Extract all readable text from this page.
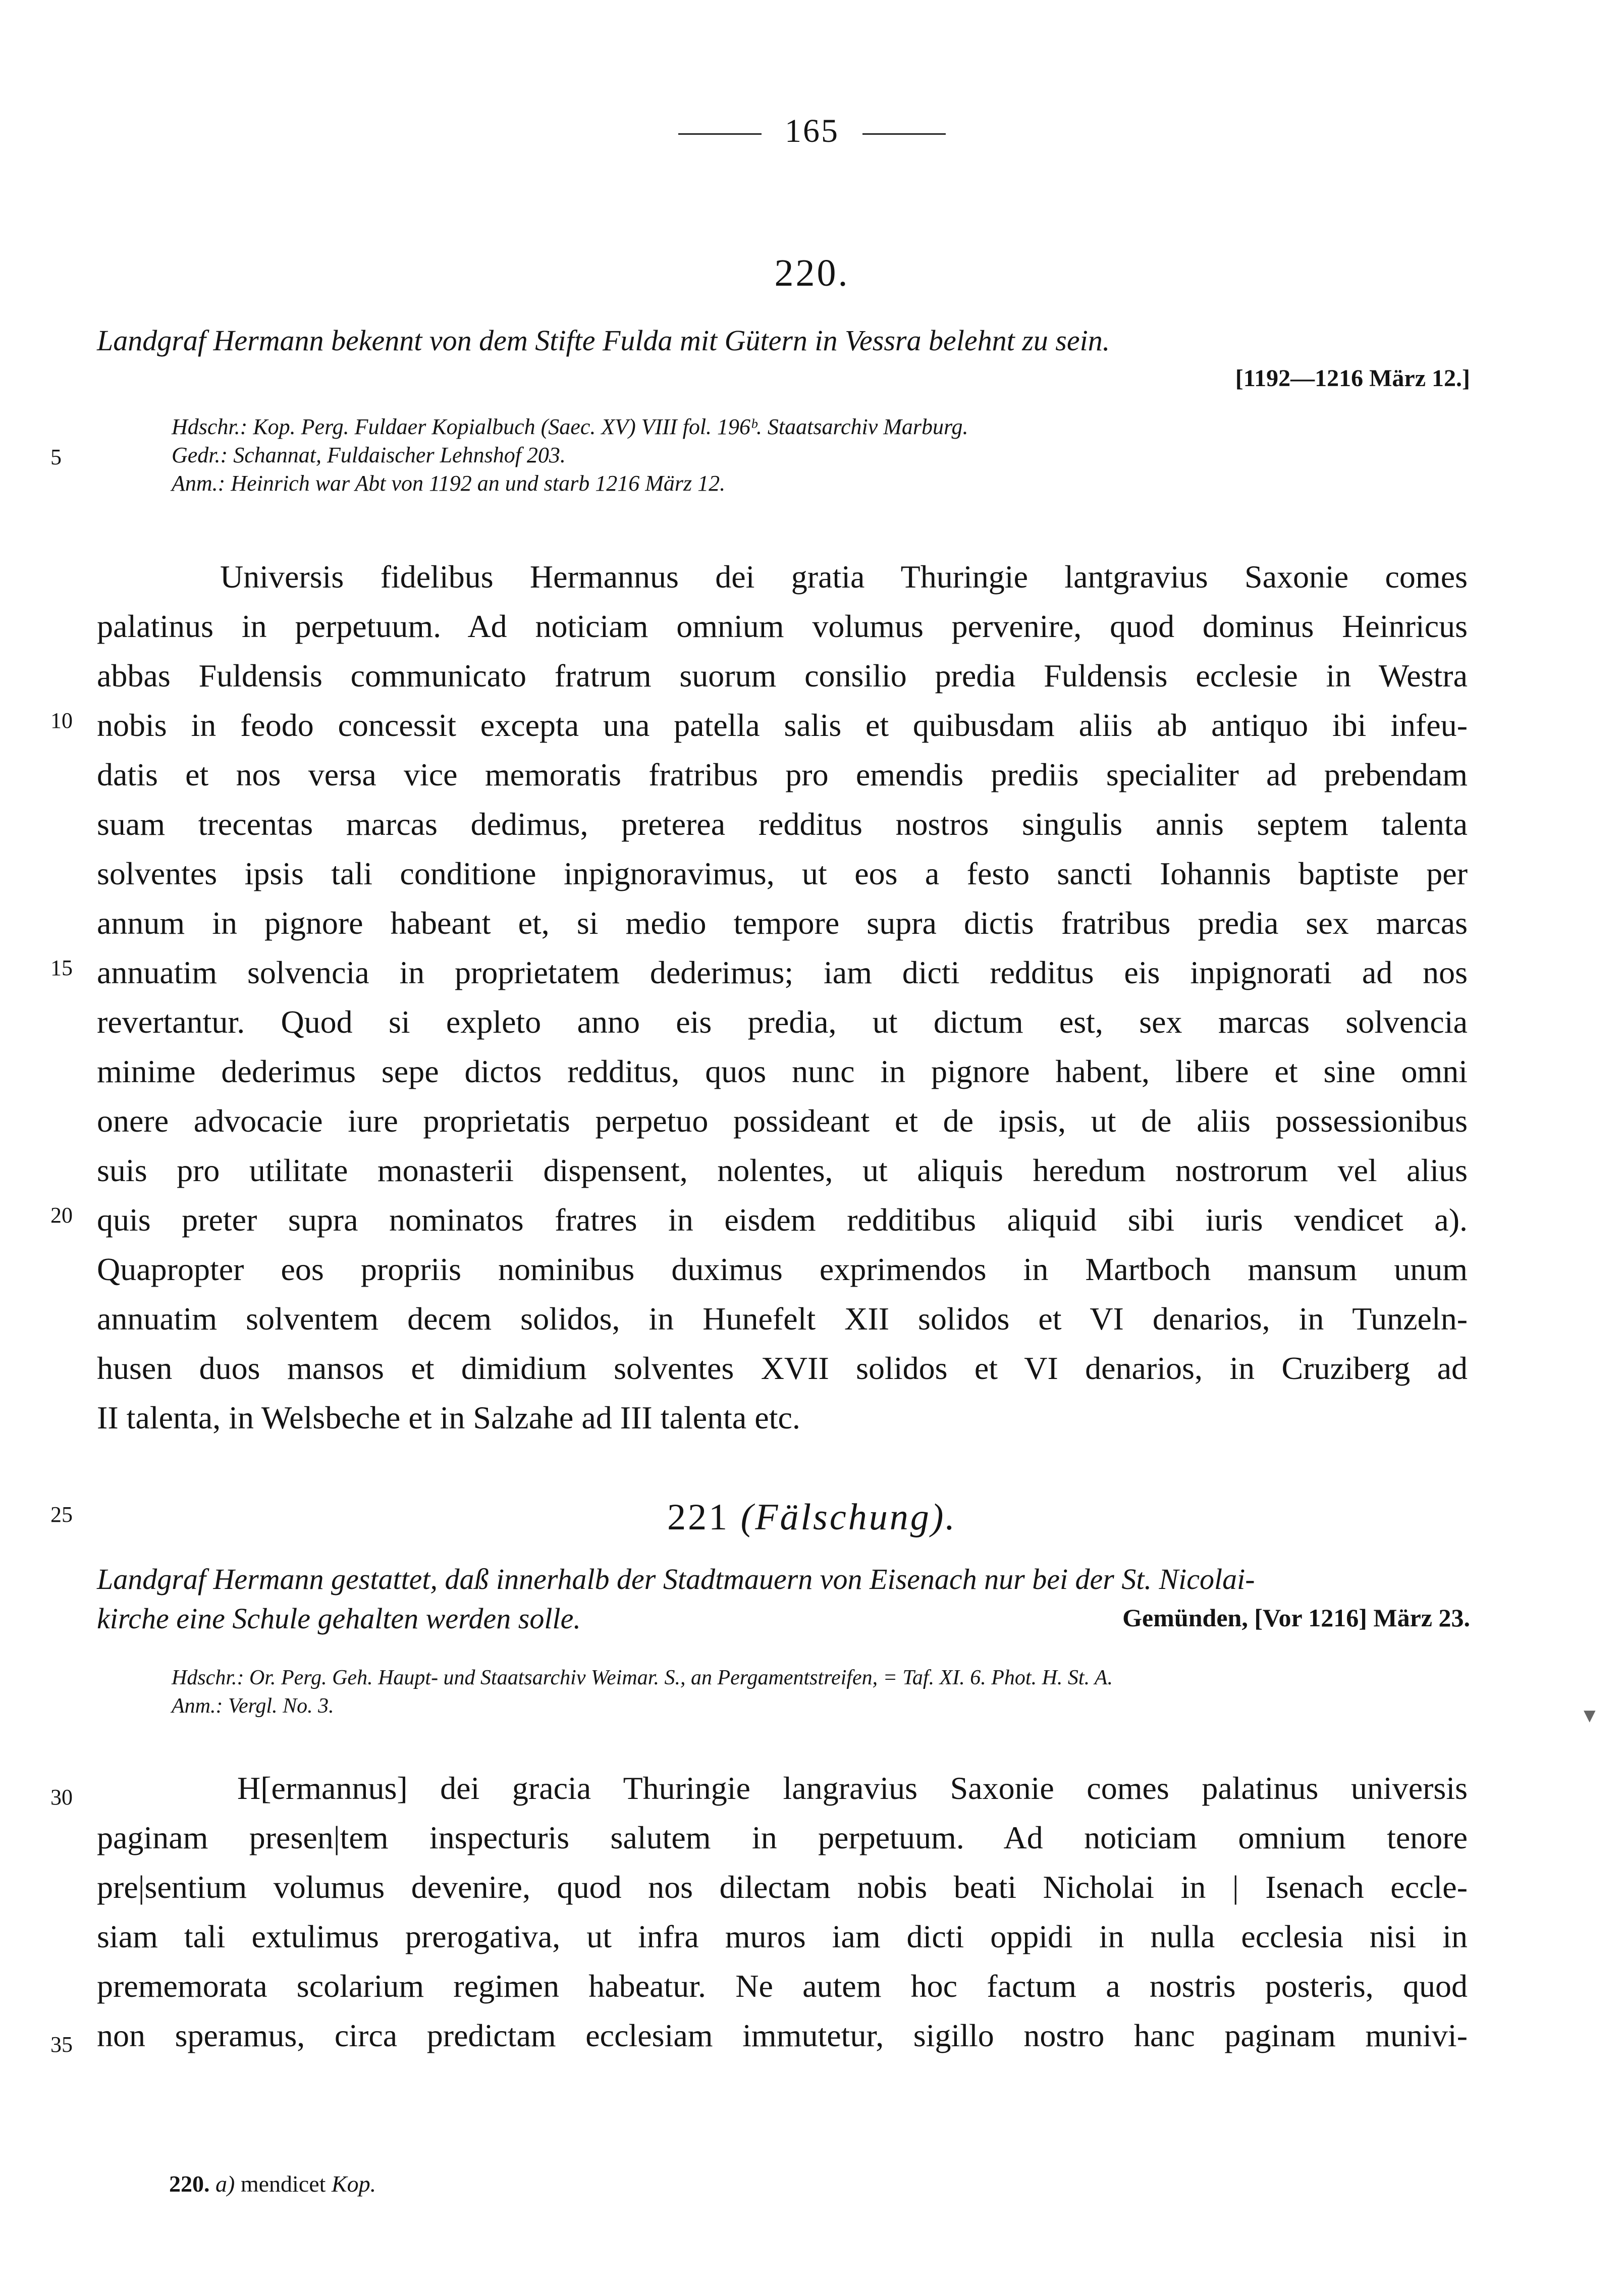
165
220.
Landgraf Hermann bekennt von dem Stifte Fulda mit Gütern in Vessra belehnt zu sein.
[1192—1216 März 12.]
Hdschr.: Kop. Perg. Fuldaer Kopialbuch (Saec. XV) VIII fol. 196ᵇ. Staatsarchiv Marburg.
Gedr.: Schannat, Fuldaischer Lehnshof 203.
Anm.: Heinrich war Abt von 1192 an und starb 1216 März 12.
Universis fidelibus Hermannus dei gratia Thuringie lantgravius Saxonie comes
palatinus in perpetuum. Ad noticiam omnium volumus pervenire, quod dominus Heinricus
abbas Fuldensis communicato fratrum suorum consilio predia Fuldensis ecclesie in Westra
nobis in feodo concessit excepta una patella salis et quibusdam aliis ab antiquo ibi infeu-
datis et nos versa vice memoratis fratribus pro emendis prediis specialiter ad prebendam
suam trecentas marcas dedimus, preterea redditus nostros singulis annis septem talenta
solventes ipsis tali conditione inpignoravimus, ut eos a festo sancti Iohannis baptiste per
annum in pignore habeant et, si medio tempore supra dictis fratribus predia sex marcas
annuatim solvencia in proprietatem dederimus; iam dicti redditus eis inpignorati ad nos
revertantur. Quod si expleto anno eis predia, ut dictum est, sex marcas solvencia
minime dederimus sepe dictos redditus, quos nunc in pignore habent, libere et sine omni
onere advocacie iure proprietatis perpetuo possideant et de ipsis, ut de aliis possessionibus
suis pro utilitate monasterii dispensent, nolentes, ut aliquis heredum nostrorum vel alius
quis preter supra nominatos fratres in eisdem redditibus aliquid sibi iuris vendicet a).
Quapropter eos propriis nominibus duximus exprimendos in Martboch mansum unum
annuatim solventem decem solidos, in Hunefelt XII solidos et VI denarios, in Tunzeln-
husen duos mansos et dimidium solventes XVII solidos et VI denarios, in Cruziberg ad
II talenta, in Welsbeche et in Salzahe ad III talenta etc.
221 (Fälschung).
Landgraf Hermann gestattet, daß innerhalb der Stadtmauern von Eisenach nur bei der St. Nicolai-
kirche eine Schule gehalten werden solle.	Gemünden, [Vor 1216] März 23.
Hdschr.: Or. Perg. Geh. Haupt- und Staatsarchiv Weimar. S., an Pergamentstreifen, = Taf. XI. 6. Phot. H. St. A.
Anm.: Vergl. No. 3.
H[ermannus] dei gracia Thuringie langravius Saxonie comes palatinus universis
paginam presen|tem inspecturis salutem in perpetuum. Ad noticiam omnium tenore
pre|sentium volumus devenire, quod nos dilectam nobis beati Nicholai in | Isenach eccle-
siam tali extulimus prerogativa, ut infra muros iam dicti oppidi in nulla ecclesia nisi in
prememorata scolarium regimen habeatur. Ne autem hoc factum a nostris posteris, quod
non speramus, circa predictam ecclesiam immutetur, sigillo nostro hanc paginam munivi-
5
10
15
20
25
30
35
220. a) mendicet Kop.
▼
